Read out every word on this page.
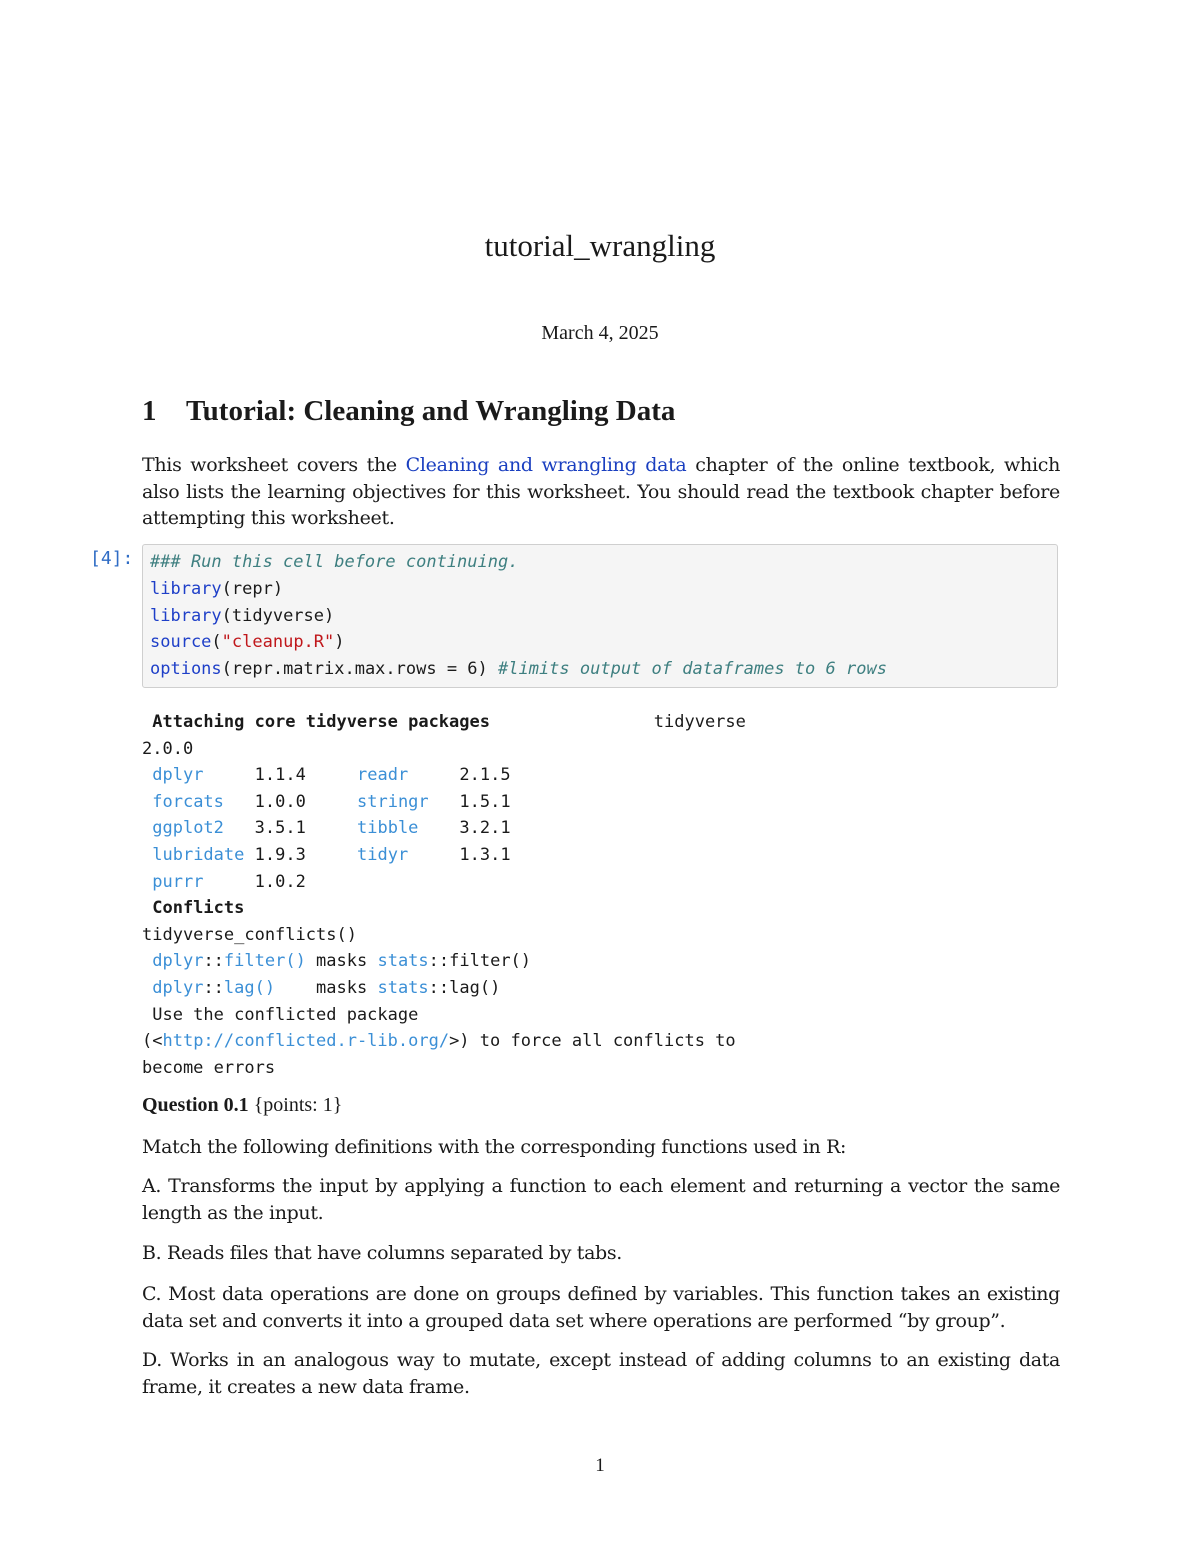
tutorial_wrangling
March 4, 2025
1 Tutorial: Cleaning and Wrangling Data
This worksheet covers the Cleaning and wrangling data chapter of the online textbook, which also lists the learning objectives for this worksheet. You should read the textbook chapter before attempting this worksheet.
[4]: ### Run this cell before continuing.
library(repr)
library(tidyverse)
source("cleanup.R")
options(repr.matrix.max.rows = 6) #limits output of dataframes to 6 rows
Attaching core tidyverse packages	tidyverse
2.0.0
dplyr	1.1.4	readr	2.1.5
forcats 1.0.0	stringr 1.5.1
ggplot2 3.5.1	tibble 3.2.1
lubridate 1.9.3	tidyr	1.3.1
purrr	1.0.2
Conflicts
tidyverse_conflicts()
dplyr::filter() masks stats::filter()
dplyr::lag()    masks stats::lag()
Use the conflicted package
(<http://conflicted.r-lib.org/>) to force all conflicts to
become errors
Question 0.1 {points: 1}
Match the following definitions with the corresponding functions used in R:
A. Transforms the input by applying a function to each element and returning a vector the same length as the input.
B. Reads files that have columns separated by tabs.
C. Most data operations are done on groups defined by variables. This function takes an existing data set and converts it into a grouped data set where operations are performed “by group”.
D. Works in an analogous way to mutate, except instead of adding columns to an existing data frame, it creates a new data frame.
1
